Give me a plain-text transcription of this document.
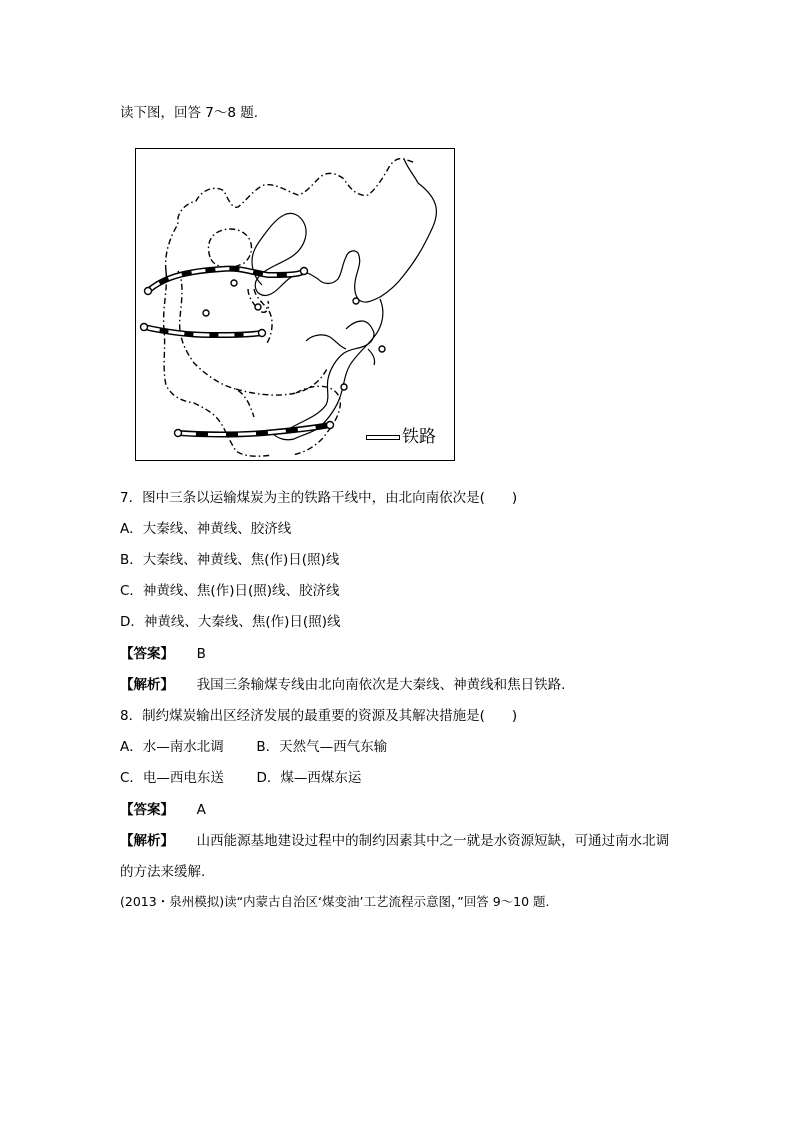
读下图，回答 7～8 题.
铁路
7．图中三条以运输煤炭为主的铁路干线中，由北向南依次是(　　)
A．大秦线、神黄线、胶济线
B．大秦线、神黄线、焦(作)日(照)线
C．神黄线、焦(作)日(照)线、胶济线
D．神黄线、大秦线、焦(作)日(照)线
【答案】 B
【解析】 我国三条输煤专线由北向南依次是大秦线、神黄线和焦日铁路.
8．制约煤炭输出区经济发展的最重要的资源及其解决措施是(　　)
A．水—南水北调 B．天然气—西气东输
C．电—西电东送 D．煤—西煤东运
【答案】 A
【解析】 山西能源基地建设过程中的制约因素其中之一就是水资源短缺，可通过南水北调
的方法来缓解.
(2013・泉州模拟)读“内蒙古自治区‘煤变油’工艺流程示意图，”回答 9～10 题.
